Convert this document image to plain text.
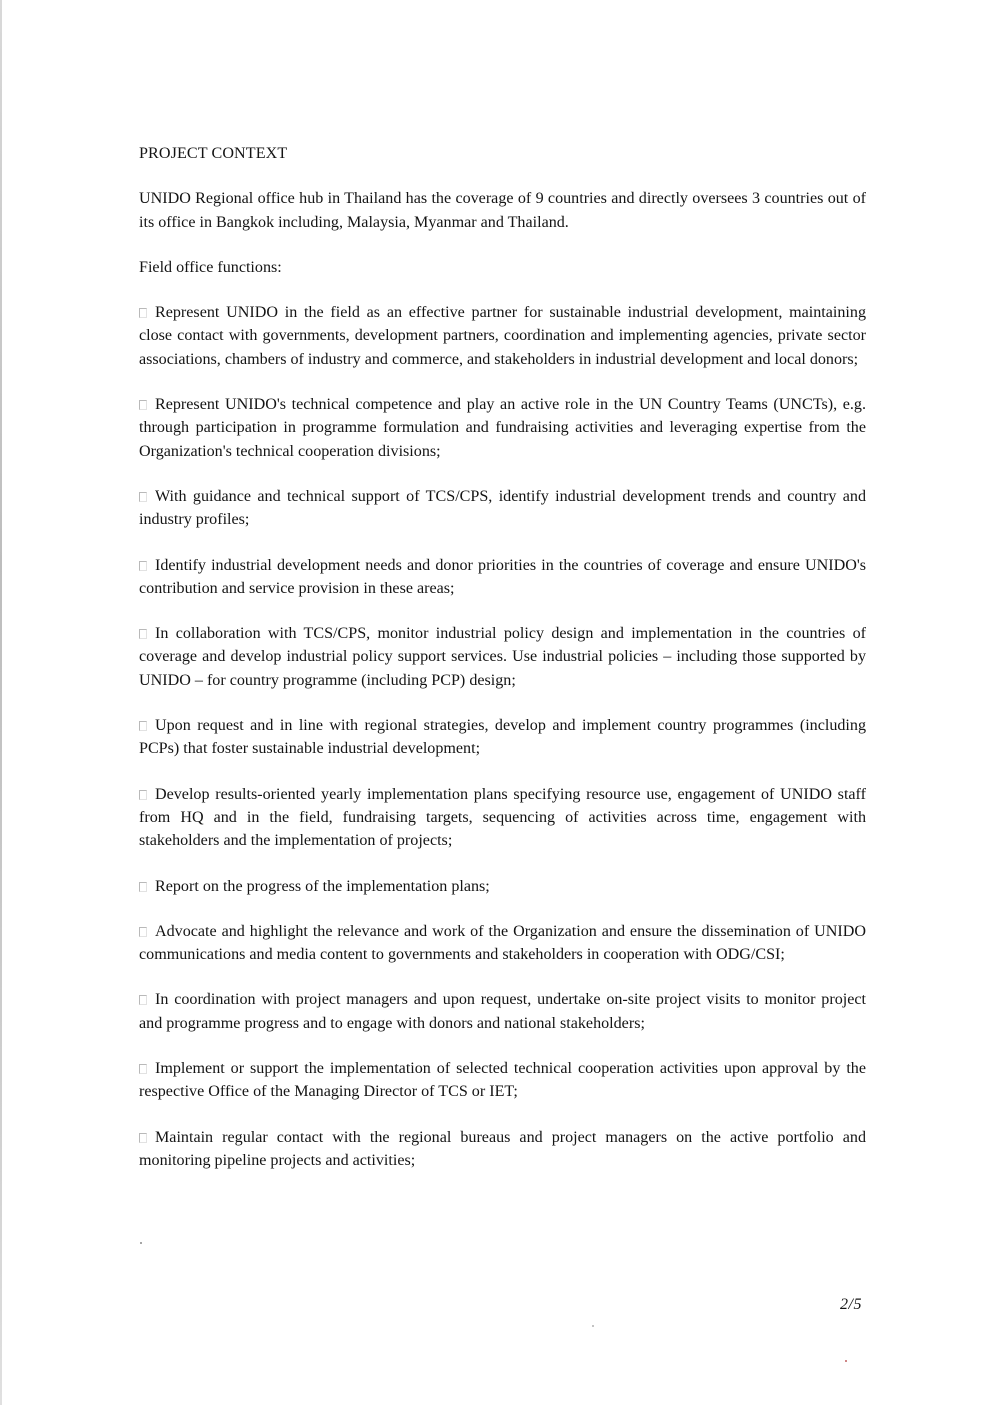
PROJECT CONTEXT
UNIDO Regional office hub in Thailand has the coverage of 9 countries and directly oversees 3 countries out of its office in Bangkok including, Malaysia, Myanmar and Thailand.
Field office functions:
Represent UNIDO in the field as an effective partner for sustainable industrial development, maintaining close contact with governments, development partners, coordination and implementing agencies, private sector associations, chambers of industry and commerce, and stakeholders in industrial development and local donors;
Represent UNIDO's technical competence and play an active role in the UN Country Teams (UNCTs), e.g. through participation in programme formulation and fundraising activities and leveraging expertise from the Organization's technical cooperation divisions;
With guidance and technical support of TCS/CPS, identify industrial development trends and country and industry profiles;
Identify industrial development needs and donor priorities in the countries of coverage and ensure UNIDO's contribution and service provision in these areas;
In collaboration with TCS/CPS, monitor industrial policy design and implementation in the countries of coverage and develop industrial policy support services. Use industrial policies – including those supported by UNIDO – for country programme (including PCP) design;
Upon request and in line with regional strategies, develop and implement country programmes (including PCPs) that foster sustainable industrial development;
Develop results-oriented yearly implementation plans specifying resource use, engagement of UNIDO staff from HQ and in the field, fundraising targets, sequencing of activities across time, engagement with stakeholders and the implementation of projects;
Report on the progress of the implementation plans;
Advocate and highlight the relevance and work of the Organization and ensure the dissemination of UNIDO communications and media content to governments and stakeholders in cooperation with ODG/CSI;
In coordination with project managers and upon request, undertake on-site project visits to monitor project and programme progress and to engage with donors and national stakeholders;
Implement or support the implementation of selected technical cooperation activities upon approval by the respective Office of the Managing Director of TCS or IET;
Maintain regular contact with the regional bureaus and project managers on the active portfolio and monitoring pipeline projects and activities;
2/5
